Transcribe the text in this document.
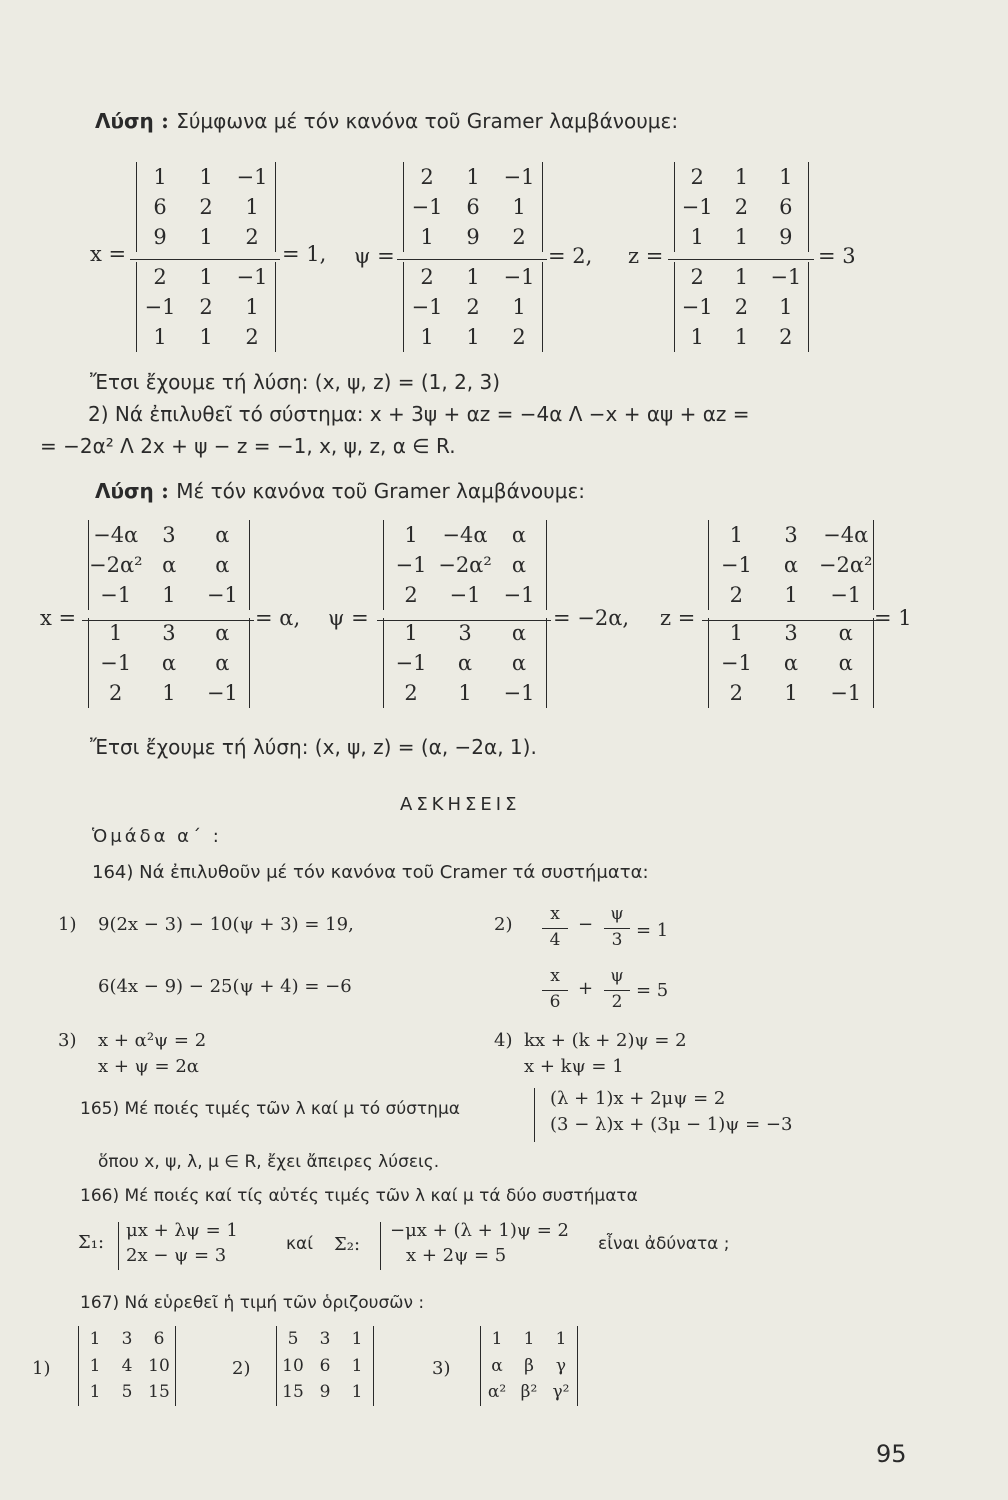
Λύση : Σύμφωνα μέ τόν κανόνα τοῦ Gramer λαμβάνουμε:
x =
1	1	−1
6	2	1
9	1	2
2	1	−1
−1	2	1
1	1	2
= 1, ψ =
2	1	−1
−1	6	1
1	9	2
2	1	−1
−1	2	1
1	1	2
= 2, z =
2	1	1
−1	2	6
1	1	9
2	1	−1
−1	2	1
1	1	2
= 3
Ἔτσι ἔχουμε τή λύση: (x, ψ, z) = (1, 2, 3)
2) Νά ἐπιλυθεῖ τό σύστημα: x + 3ψ + αz = −4α Λ −x + αψ + αz =
= −2α² Λ 2x + ψ − z = −1, x, ψ, z, α ∈ R.
Λύση : Μέ τόν κανόνα τοῦ Gramer λαμβάνουμε:
x =
−4α	3	α
−2α² α	α
−1	1	−1
1	3	α
−1	α	α
2	1	−1
= α, ψ =
1	−4α	α
−1 −2α² α
2	−1	−1
1	3	α
−1	α	α
2	1	−1
= −2α, z =
1	3	−4α
−1	α −2α²
2	1	−1
1	3	α
−1	α	α
2	1	−1
= 1
Ἔτσι ἔχουμε τή λύση: (x, ψ, z) = (α, −2α, 1).
ΑΣΚΗΣΕΙΣ
Ὁμάδα α΄ :
164) Νά ἐπιλυθοῦν μέ τόν κανόνα τοῦ Cramer τά συστήματα:
1) 9(2x − 3) − 10(ψ + 3) = 19,
6(4x − 9) − 25(ψ + 4) = −6
2)	x
4
−	ψ
3 = 1
x
6
+
ψ
2
= 5
3) x + α²ψ = 2
x + ψ = 2α
4) kx + (k + 2)ψ = 2
x + kψ = 1
165) Μέ ποιές τιμές τῶν λ καί μ τό σύστημα	(λ + 1)x + 2μψ = 2
(3 − λ)x + (3μ − 1)ψ = −3
ὅπου x, ψ, λ, μ ∈ R, ἔχει ἄπειρες λύσεις.
166) Μέ ποιές καί τίς αὐτές τιμές τῶν λ καί μ τά δύο συστήματα
Σ₁:
μx + λψ = 1
2x − ψ = 3
καί Σ₂:
−μx + (λ + 1)ψ = 2
x + 2ψ = 5
εἶναι ἀδύνατα ;
167) Νά εὑρεθεῖ ἡ τιμή τῶν ὁριζουσῶν :
1)
1	3	6
1	4 10
1	5 15
2)
5	3	1
10 6	1
15 9	1
3)
1	1	1
α	β	γ
α² β² γ²
95
